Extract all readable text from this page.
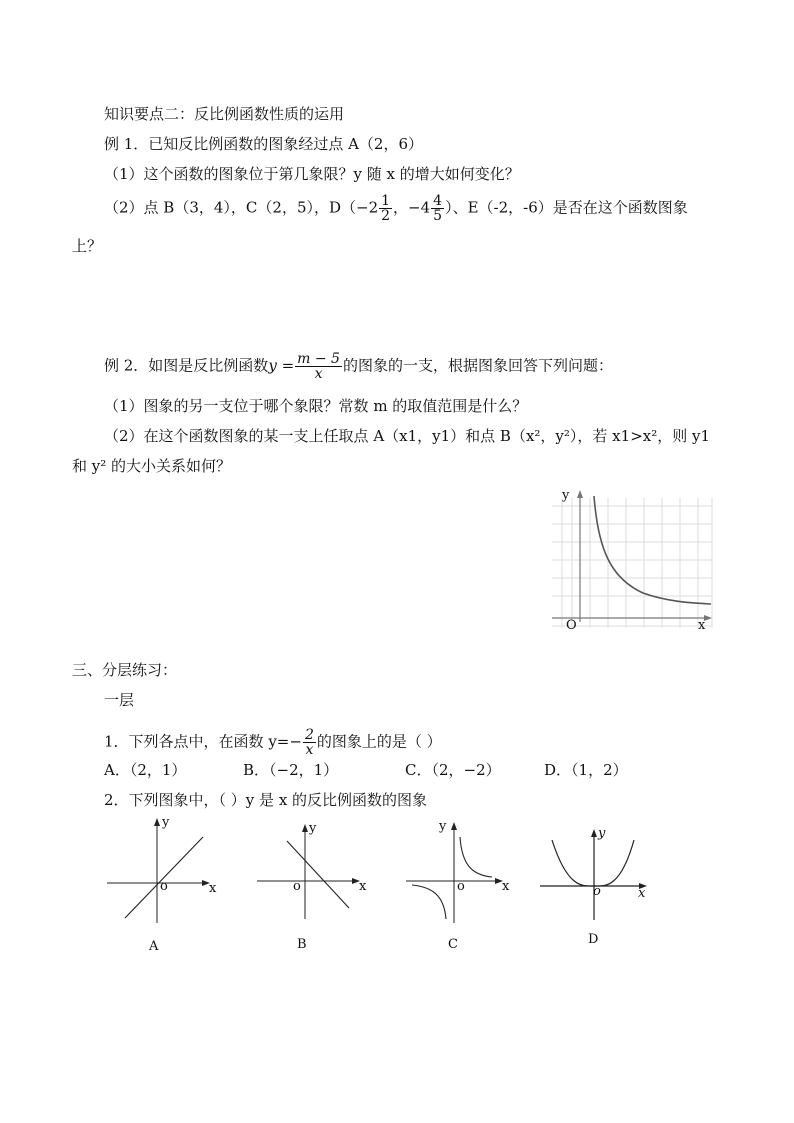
知识要点二：反比例函数性质的运用
例 1．已知反比例函数的图象经过点 A（2，6）
（1）这个函数的图象位于第几象限？y 随 x 的增大如何变化？
（2）点 B（3，4），C（2，5），$D(-2 \frac{1}{2}$ ，$-4 \frac{4}{5}$ ）、E（-2，-6）是否在这个函数图象
上？
例 2．如图是反比例函数$y = \frac{m - 5}{x}$ 的图象的一支，根据图象回答下列问题：
（1）图象的另一支位于哪个象限？常数 m 的取值范围是什么？
（2）在这个函数图象的某一支上任取点 A（x1，y1）和点 B（x²，y²），若 x1>x²，则 y1
和 y² 的大小关系如何？
y
x
O
三、分层练习：
一层
1．下列各点中，在函数 $y=- \frac{2}{x}$ 的图象上的是（ ）
A．（2，1）	B．（−2，1）	C．（2，−2）	D．（1，2）
2．下列图象中，（ ）y 是 x 的反比例函数的图象
y
x
o
A
y
x
o
B
y
x
o
C
y
x
o
D
